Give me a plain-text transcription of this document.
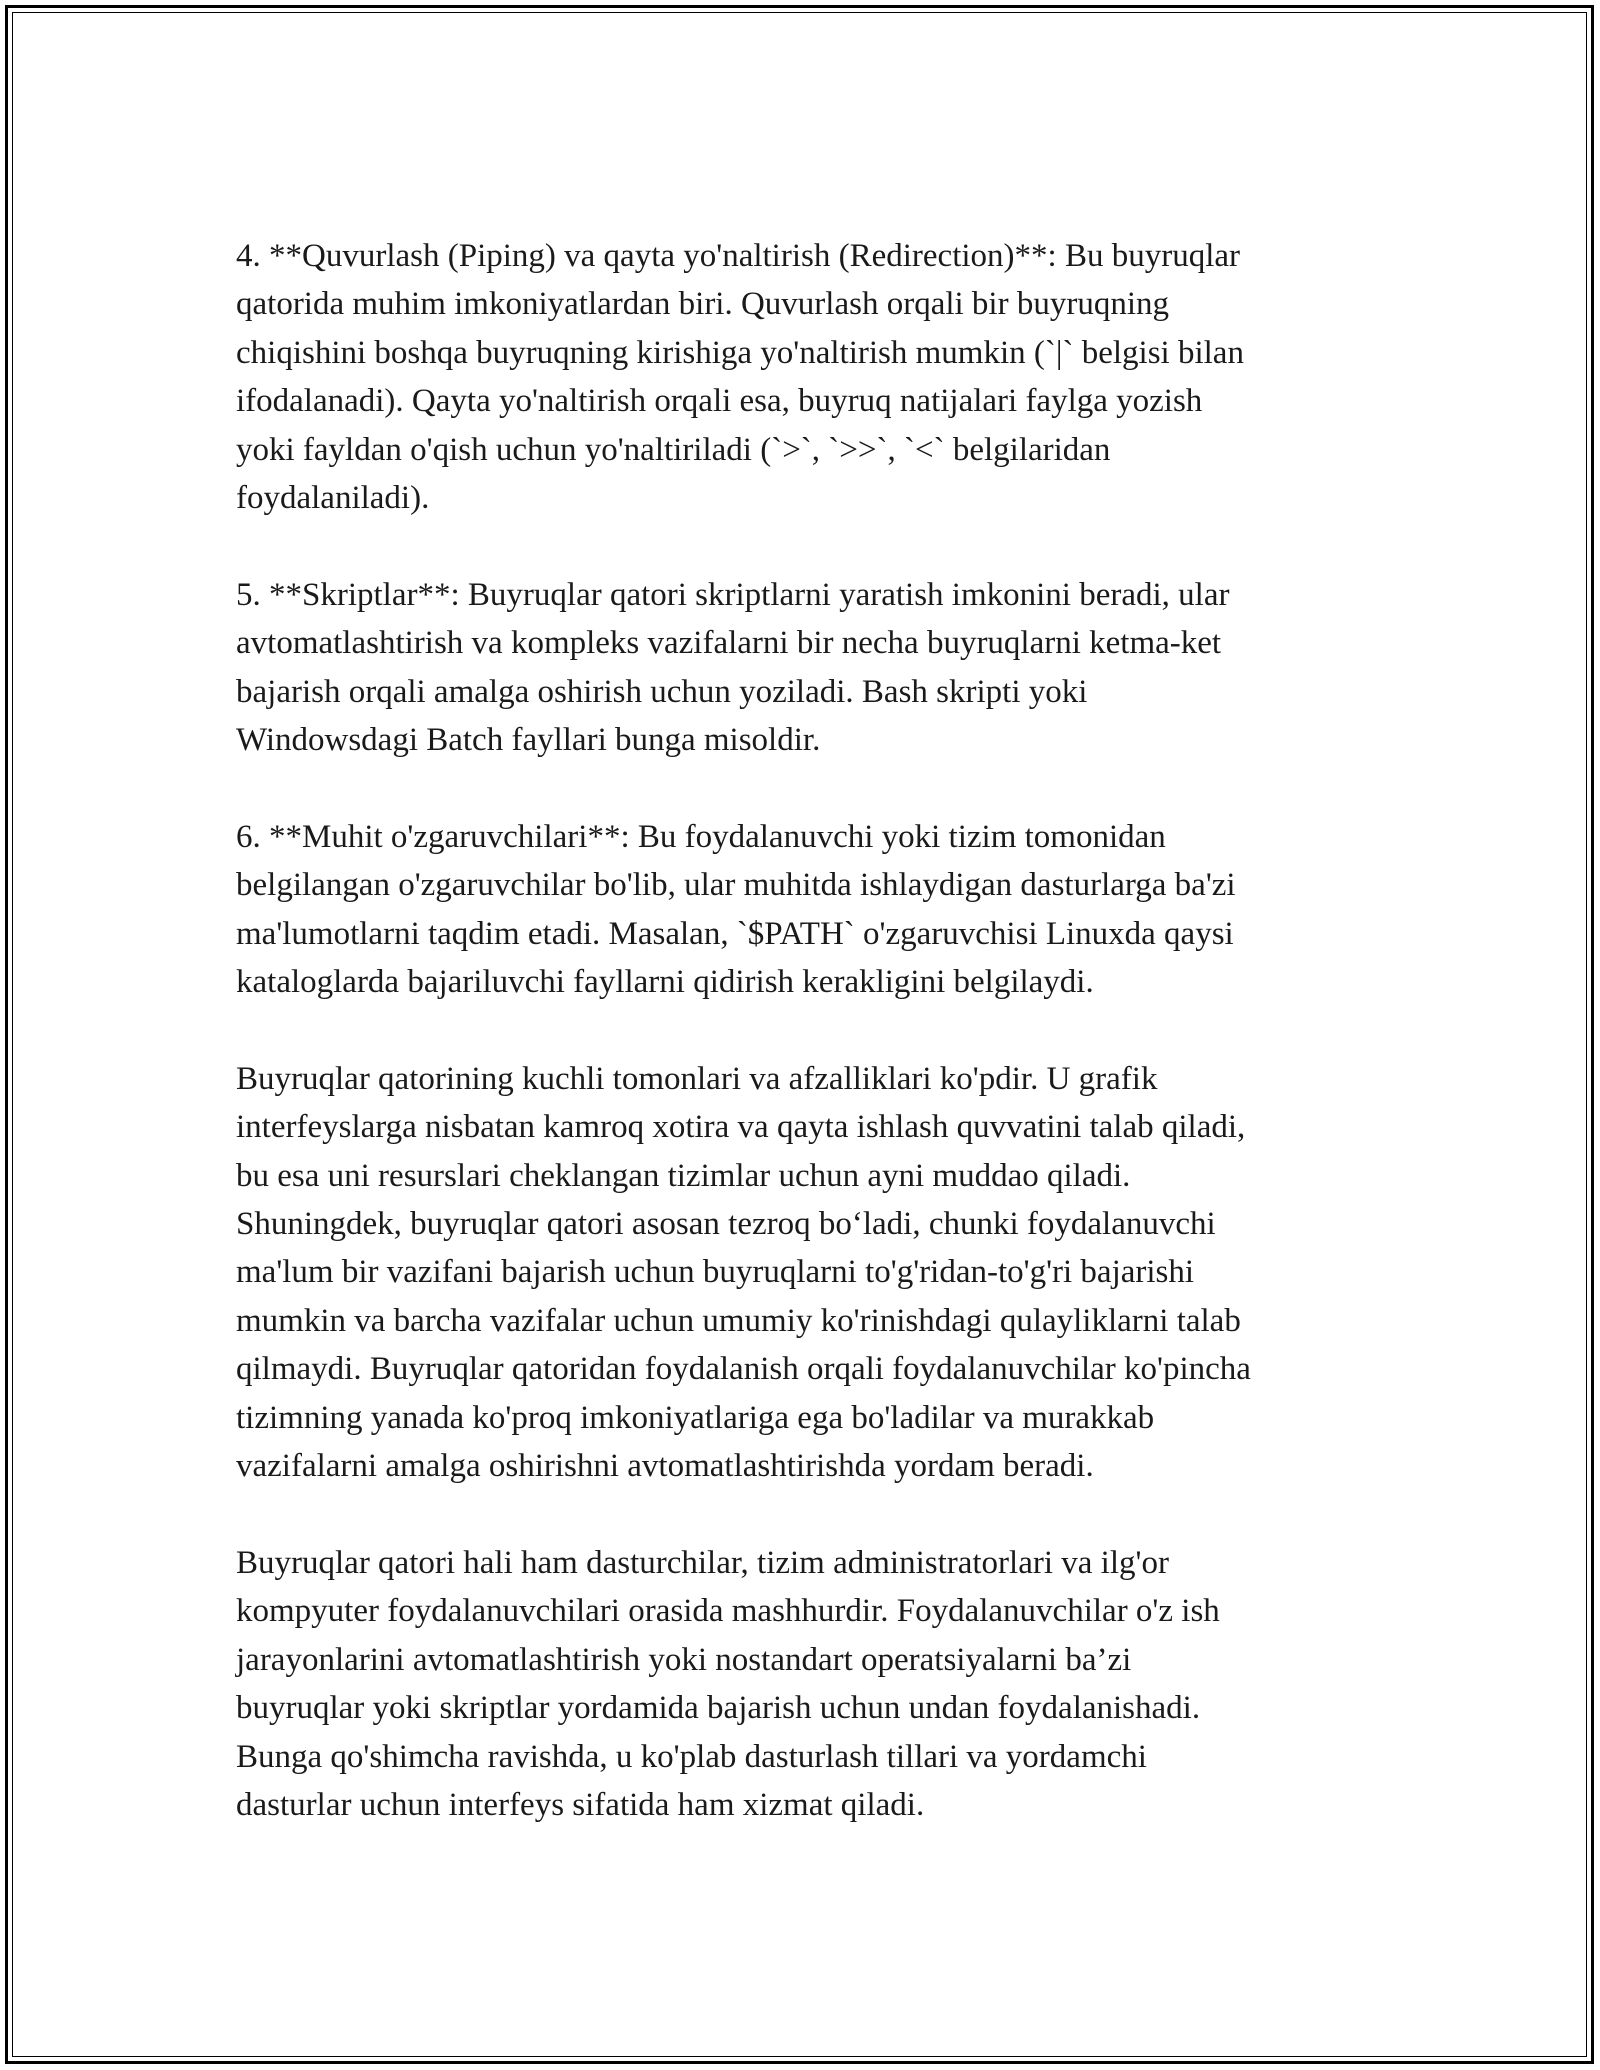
4. **Quvurlash (Piping) va qayta yo'naltirish (Redirection)**: Bu buyruqlar
qatorida muhim imkoniyatlardan biri. Quvurlash orqali bir buyruqning
chiqishini boshqa buyruqning kirishiga yo'naltirish mumkin (`|` belgisi bilan
ifodalanadi). Qayta yo'naltirish orqali esa, buyruq natijalari faylga yozish
yoki fayldan o'qish uchun yo'naltiriladi (`>`, `>>`, `<` belgilaridan
foydalaniladi).

5. **Skriptlar**: Buyruqlar qatori skriptlarni yaratish imkonini beradi, ular
avtomatlashtirish va kompleks vazifalarni bir necha buyruqlarni ketma-ket
bajarish orqali amalga oshirish uchun yoziladi. Bash skripti yoki
Windowsdagi Batch fayllari bunga misoldir.

6. **Muhit o'zgaruvchilari**: Bu foydalanuvchi yoki tizim tomonidan
belgilangan o'zgaruvchilar bo'lib, ular muhitda ishlaydigan dasturlarga ba'zi
ma'lumotlarni taqdim etadi. Masalan, `$PATH` o'zgaruvchisi Linuxda qaysi
kataloglarda bajariluvchi fayllarni qidirish kerakligini belgilaydi.

Buyruqlar qatorining kuchli tomonlari va afzalliklari ko'pdir. U grafik
interfeyslarga nisbatan kamroq xotira va qayta ishlash quvvatini talab qiladi,
bu esa uni resurslari cheklangan tizimlar uchun ayni muddao qiladi.
Shuningdek, buyruqlar qatori asosan tezroq bo‘ladi, chunki foydalanuvchi
ma'lum bir vazifani bajarish uchun buyruqlarni to'g'ridan-to'g'ri bajarishi
mumkin va barcha vazifalar uchun umumiy ko'rinishdagi qulayliklarni talab
qilmaydi. Buyruqlar qatoridan foydalanish orqali foydalanuvchilar ko'pincha
tizimning yanada ko'proq imkoniyatlariga ega bo'ladilar va murakkab
vazifalarni amalga oshirishni avtomatlashtirishda yordam beradi.

Buyruqlar qatori hali ham dasturchilar, tizim administratorlari va ilg'or
kompyuter foydalanuvchilari orasida mashhurdir. Foydalanuvchilar o'z ish
jarayonlarini avtomatlashtirish yoki nostandart operatsiyalarni ba’zi
buyruqlar yoki skriptlar yordamida bajarish uchun undan foydalanishadi.
Bunga qo'shimcha ravishda, u ko'plab dasturlash tillari va yordamchi
dasturlar uchun interfeys sifatida ham xizmat qiladi.
